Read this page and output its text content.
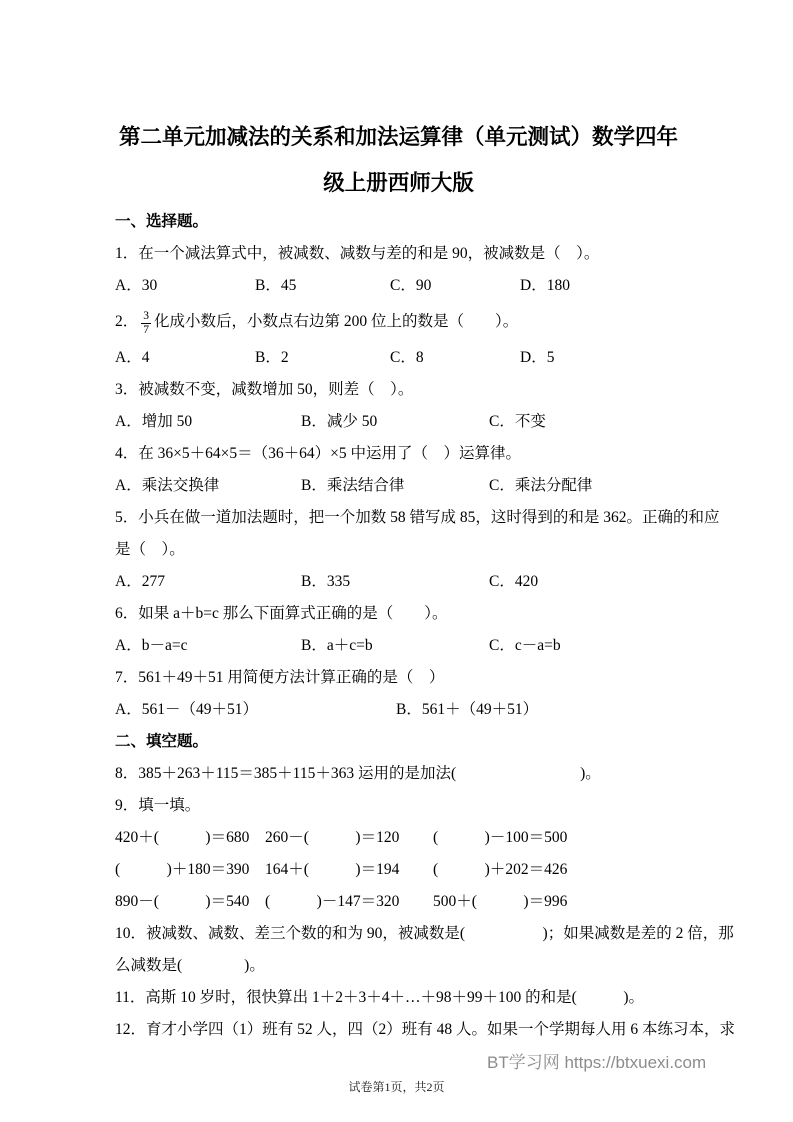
第二单元加减法的关系和加法运算律（单元测试）数学四年
级上册西师大版
一、选择题。
1．在一个减法算式中，被减数、减数与差的和是 90，被减数是（　）。
A．30	B．45	C．90	D．180
2． $\frac{3}{7}$ 化成小数后，小数点右边第 200 位上的数是（　　）。
A．4	B．2	C．8	D．5
3．被减数不变，减数增加 50，则差（　）。
A．增加 50	B．减少 50	C．不变
4．在 36×5＋64×5＝（36＋64）×5 中运用了（　）运算律。
A．乘法交换律	B．乘法结合律	C．乘法分配律
5．小兵在做一道加法题时，把一个加数 58 错写成 85，这时得到的和是 362。正确的和应
是（　）。
A．277	B．335	C．420
6．如果 a＋b=c 那么下面算式正确的是（　　）。
A．b－a=c	B．a＋c=b	C．c－a=b
7．561＋49＋51 用简便方法计算正确的是（　）
A．561－（49＋51）	B．561＋（49＋51）
二、填空题。
8．385＋263＋115＝385＋115＋363 运用的是加法(　　　　　　　　)。
9．填一填。
420＋(　　　)＝680	260－(　　　)＝120	(　　　)－100＝500
(　　　)＋180＝390	164＋(　　　)＝194	(　　　)＋202＝426
890－(　　　)＝540	(　　　)－147＝320	500＋(　　　)＝996
10．被减数、减数、差三个数的和为 90，被减数是(　　　　　)；如果减数是差的 2 倍，那
么减数是(　　　　)。
11．高斯 10 岁时，很快算出 1＋2＋3＋4＋…＋98＋99＋100 的和是(　　　)。
12．育才小学四（1）班有 52 人，四（2）班有 48 人。如果一个学期每人用 6 本练习本，求
BT学习网 https://btxuexi.com
试卷第1页，共2页
